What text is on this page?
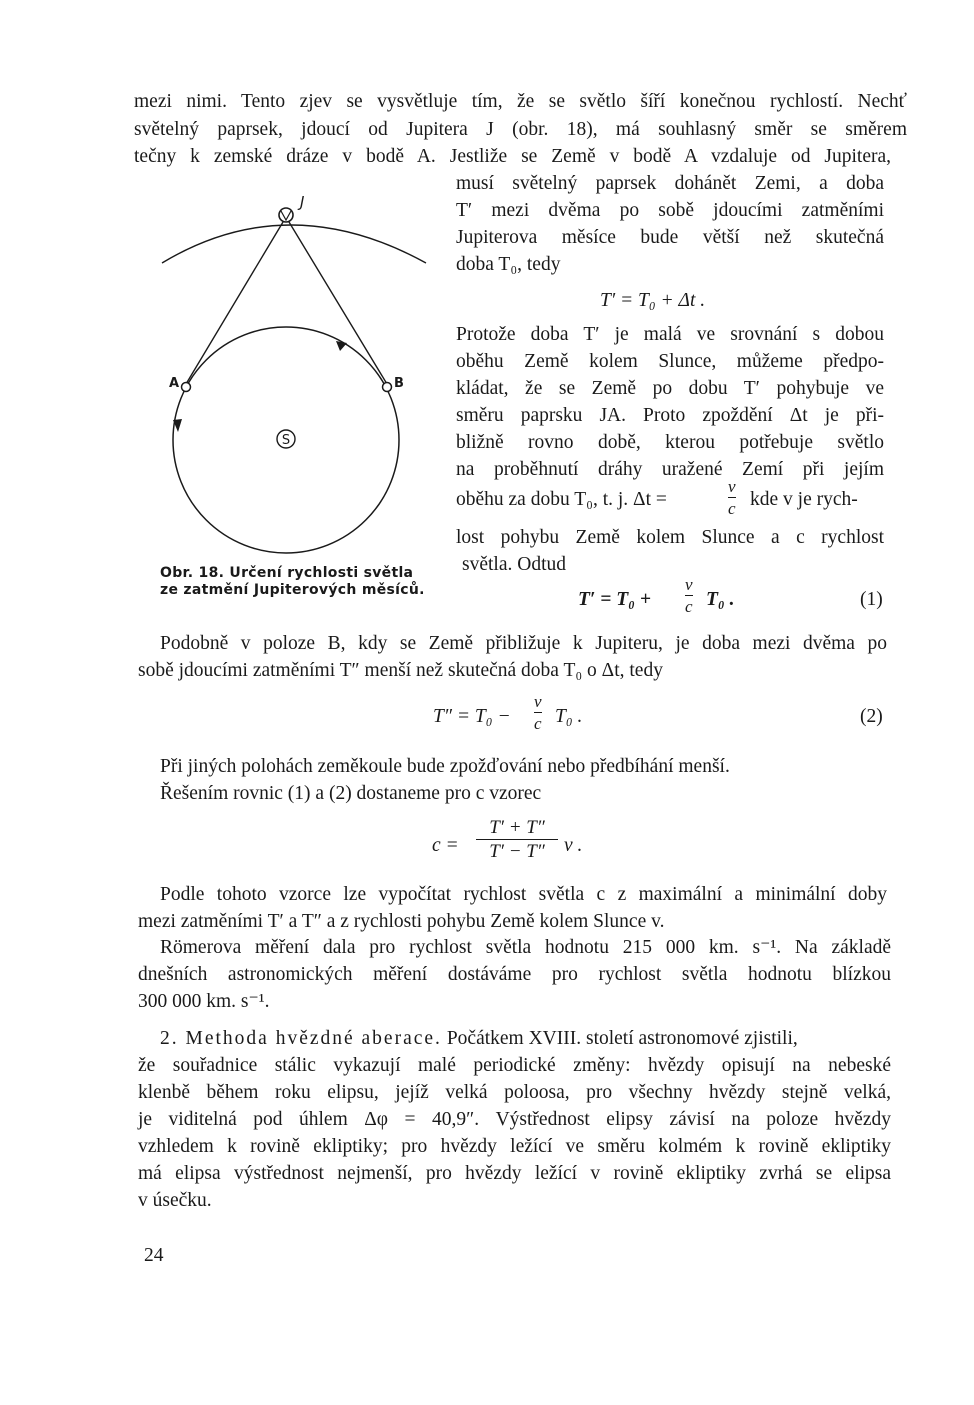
mezi nimi. Tento zjev se vysvětluje tím, že se světlo šíří konečnou rychlostí. Nechť
světelný paprsek, jdoucí od Jupitera J (obr. 18), má souhlasný směr se směrem
tečny k zemské dráze v bodě A. Jestliže se Země v bodě A vzdaluje od Jupitera,
musí světelný paprsek dohánět Zemi, a doba
T′ mezi dvěma po sobě jdoucími zatměními
Jupiterova měsíce bude větší než skutečná
doba T₀, tedy
T′ = T₀ + Δt .
Protože doba T′ je malá ve srovnání s dobou
oběhu Země kolem Slunce, můžeme předpo-
kládat, že se Země po dobu T′ pohybuje ve
směru paprsku JA. Proto zpoždění Δt je při-
bližně rovno době, kterou potřebuje světlo
na proběhnutí dráhy uražené Zemí při jejím
oběhu za dobu T₀, t. j. Δt =
v
c kde v je rych-
lost pohybu Země kolem Slunce a c rychlost
světla. Odtud
T′ = T₀ +
v
c T₀ .	(1)
S
J
A	B
Obr. 18. Určení rychlosti světla
ze zatmění Jupiterových měsíců.
Podobně v poloze B, kdy se Země přibližuje k Jupiteru, je doba mezi dvěma po
sobě jdoucími zatměními T″ menší než skutečná doba T₀ o Δt, tedy
T″ = T₀ −
v
c T₀ .	(2)
Při jiných polohách zeměkoule bude zpožďování nebo předbíhání menší.
Řešením rovnic (1) a (2) dostaneme pro c vzorec
c =
T′ + T″
T′ − T″ v .
Podle tohoto vzorce lze vypočítat rychlost světla c z maximální a minimální doby
mezi zatměními T′ a T″ a z rychlosti pohybu Země kolem Slunce v.
Römerova měření dala pro rychlost světla hodnotu 215 000 km. s⁻¹. Na základě
dnešních astronomických měření dostáváme pro rychlost světla hodnotu blízkou
300 000 km. s⁻¹.
2. Methoda hvězdné aberace. Počátkem XVIII. století astronomové zjistili,
že souřadnice stálic vykazují malé periodické změny: hvězdy opisují na nebeské
klenbě během roku elipsu, jejíž velká poloosa, pro všechny hvězdy stejně velká,
je viditelná pod úhlem Δφ = 40,9″. Výstřednost elipsy závisí na poloze hvězdy
vzhledem k rovině ekliptiky; pro hvězdy ležící ve směru kolmém k rovině ekliptiky
má elipsa výstřednost nejmenší, pro hvězdy ležící v rovině ekliptiky zvrhá se elipsa
v úsečku.
24
